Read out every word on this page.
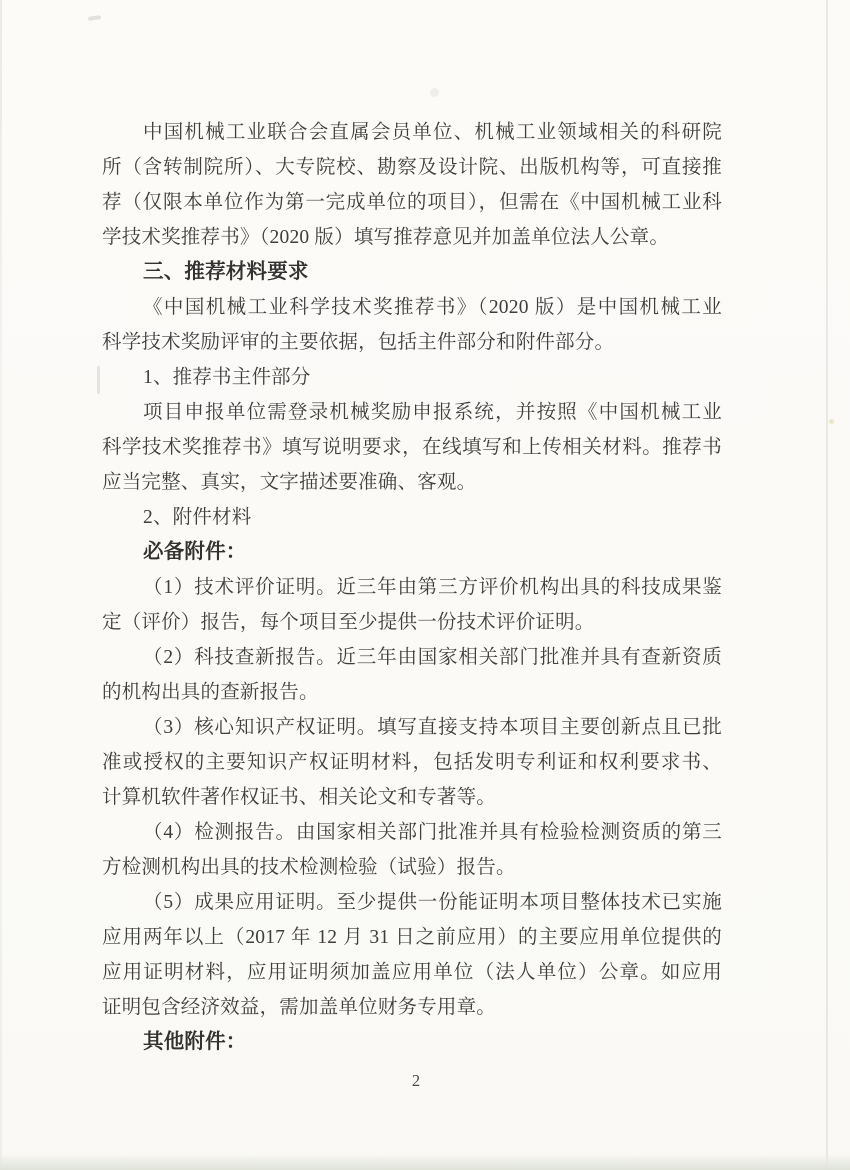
中国机械工业联合会直属会员单位、机械工业领域相关的科研院
所（含转制院所）、大专院校、勘察及设计院、出版机构等，可直接推
荐（仅限本单位作为第一完成单位的项目），但需在《中国机械工业科
学技术奖推荐书》（2020 版）填写推荐意见并加盖单位法人公章。
三、推荐材料要求
《中国机械工业科学技术奖推荐书》（2020 版）是中国机械工业
科学技术奖励评审的主要依据，包括主件部分和附件部分。
1、推荐书主件部分
项目申报单位需登录机械奖励申报系统，并按照《中国机械工业
科学技术奖推荐书》填写说明要求，在线填写和上传相关材料。推荐书
应当完整、真实，文字描述要准确、客观。
2、附件材料
必备附件：
（1）技术评价证明。近三年由第三方评价机构出具的科技成果鉴
定（评价）报告，每个项目至少提供一份技术评价证明。
（2）科技查新报告。近三年由国家相关部门批准并具有查新资质
的机构出具的查新报告。
（3）核心知识产权证明。填写直接支持本项目主要创新点且已批
准或授权的主要知识产权证明材料，包括发明专利证和权利要求书、
计算机软件著作权证书、相关论文和专著等。
（4）检测报告。由国家相关部门批准并具有检验检测资质的第三
方检测机构出具的技术检测检验（试验）报告。
（5）成果应用证明。至少提供一份能证明本项目整体技术已实施
应用两年以上（2017 年 12 月 31 日之前应用）的主要应用单位提供的
应用证明材料，应用证明须加盖应用单位（法人单位）公章。如应用
证明包含经济效益，需加盖单位财务专用章。
其他附件：
2
